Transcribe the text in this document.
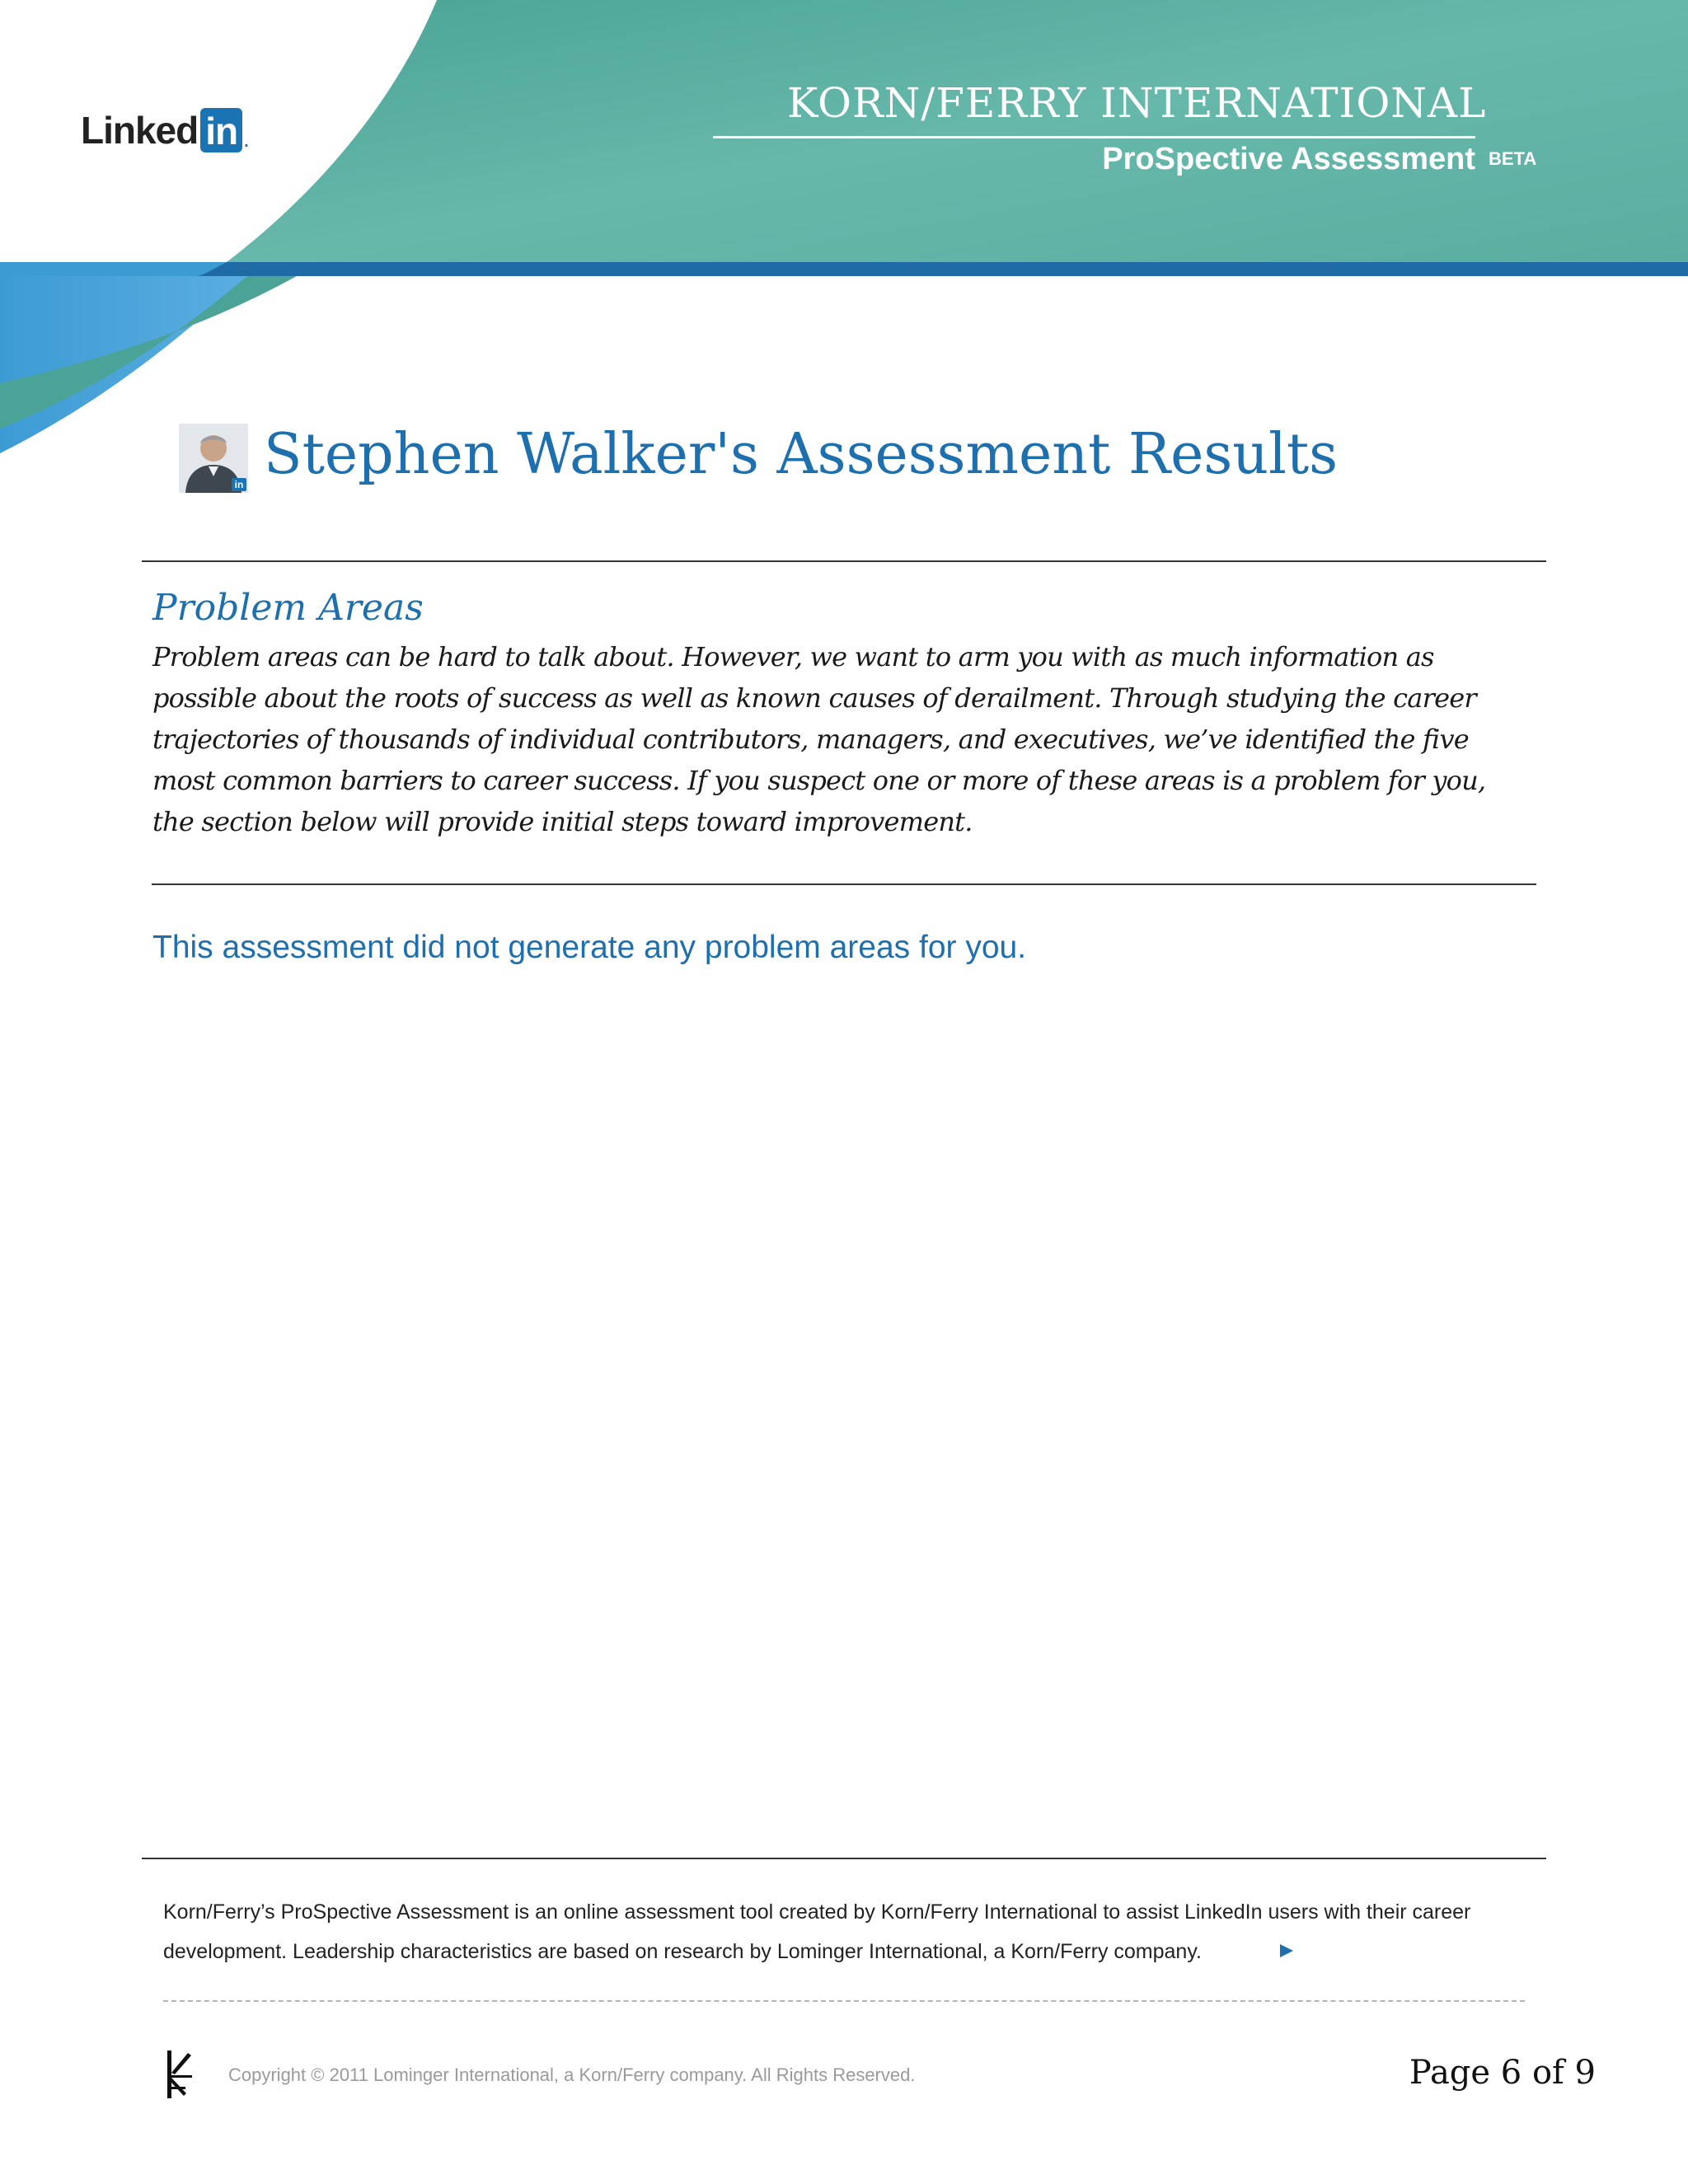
Linked in .
KORN/FERRY INTERNATIONAL
ProSpective Assessment BETA
in Stephen Walker's Assessment Results
Problem Areas

Problem areas can be hard to talk about. However, we want to arm you with as much information as possible about the roots of success as well as known causes of derailment. Through studying the career trajectories of thousands of individual contributors, managers, and executives, we’ve identified the five most common barriers to career success. If you suspect one or more of these areas is a problem for you, the section below will provide initial steps toward improvement.

This assessment did not generate any problem areas for you.

Korn/Ferry’s ProSpective Assessment is an online assessment tool created by Korn/Ferry International to assist LinkedIn users with their career development. Leadership characteristics are based on research by Lominger International, a Korn/Ferry company.

Copyright © 2011 Lominger International, a Korn/Ferry company. All Rights Reserved.	Page 6 of 9
